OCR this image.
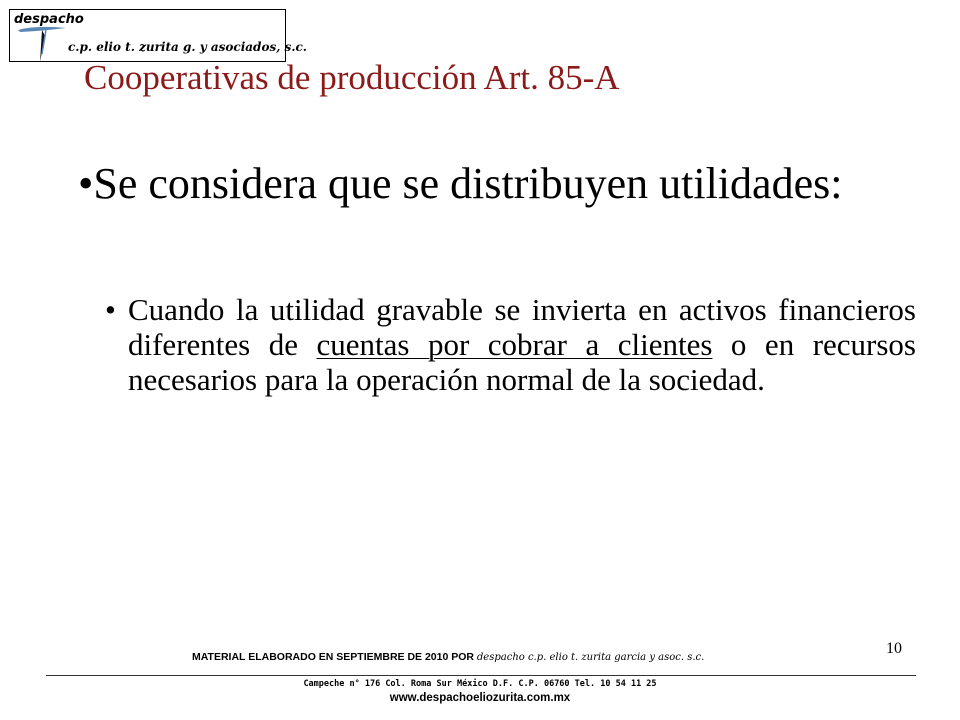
despacho
c.p. elio t. zurita g. y asociados, s.c.
Cooperativas de producción Art. 85-A
•Se considera que se distribuyen utilidades:
• Cuando la utilidad gravable se invierta en activos financieros diferentes de cuentas por cobrar a clientes o en recursos necesarios para la operación normal de la sociedad.
10
MATERIAL ELABORADO EN SEPTIEMBRE DE 2010 POR despacho c.p. elio t. zurita garcia y asoc. s.c.
Campeche n° 176 Col. Roma Sur México D.F. C.P. 06760 Tel. 10 54 11 25
www.despachoeliozurita.com.mx
